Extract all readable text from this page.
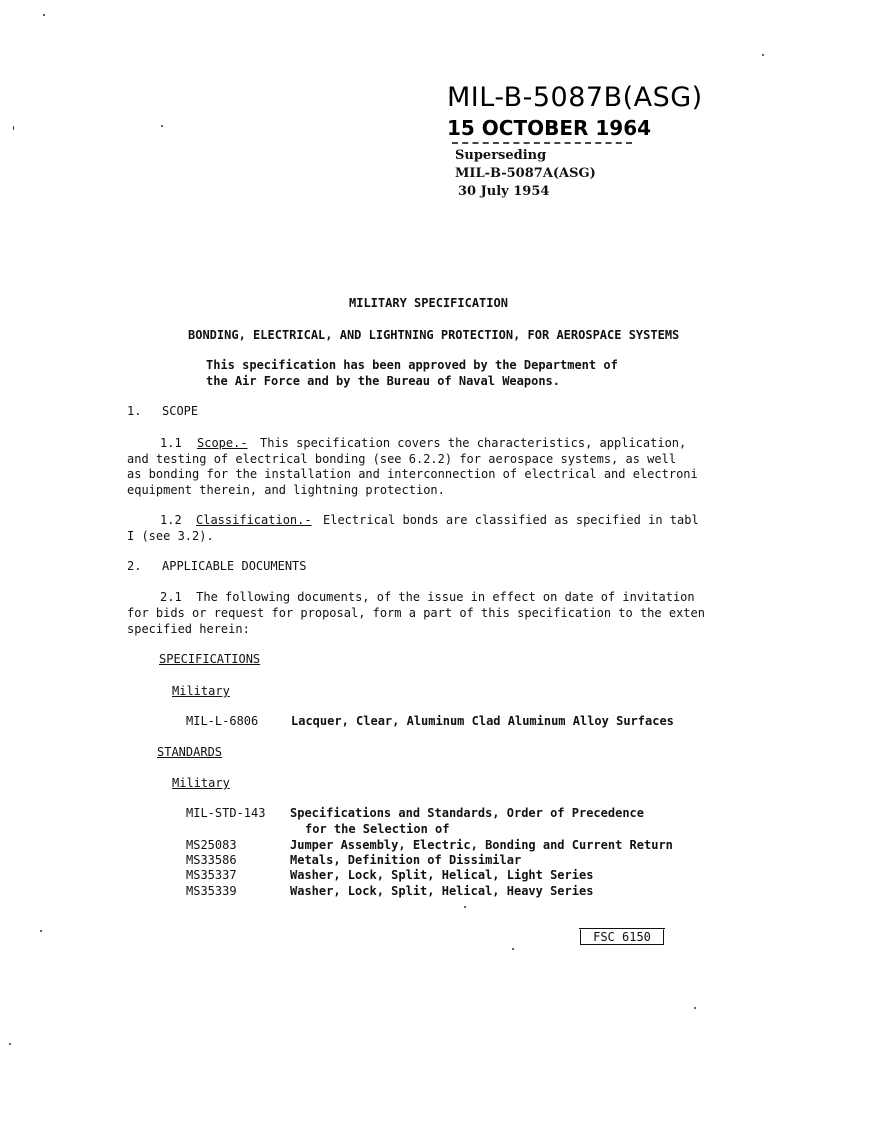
MIL-B-5087B(ASG)
15 OCTOBER 1964
Superseding
MIL-B-5087A(ASG)
30 July 1954
MILITARY SPECIFICATION
BONDING, ELECTRICAL, AND LIGHTNING PROTECTION, FOR AEROSPACE SYSTEMS
This specification has been approved by the Department of
the Air Force and by the Bureau of Naval Weapons.
1. SCOPE
1.1 Scope.- This specification covers the characteristics, application,
and testing of electrical bonding (see 6.2.2) for aerospace systems, as well
as bonding for the installation and interconnection of electrical and electroni
equipment therein, and lightning protection.
1.2 Classification.- Electrical bonds are classified as specified in tabl
I (see 3.2).
2. APPLICABLE DOCUMENTS
2.1  The following documents, of the issue in effect on date of invitation
for bids or request for proposal, form a part of this specification to the exten
specified herein:
SPECIFICATIONS
Military
MIL-L-6806	Lacquer, Clear, Aluminum Clad Aluminum Alloy Surfaces
STANDARDS
Military
MIL-STD-143 Specifications and Standards, Order of Precedence
for the Selection of
MS25083	Jumper Assembly, Electric, Bonding and Current Return
MS33586	Metals, Definition of Dissimilar
MS35337	Washer, Lock, Split, Helical, Light Series
MS35339	Washer, Lock, Split, Helical, Heavy Series
FSC 6150
